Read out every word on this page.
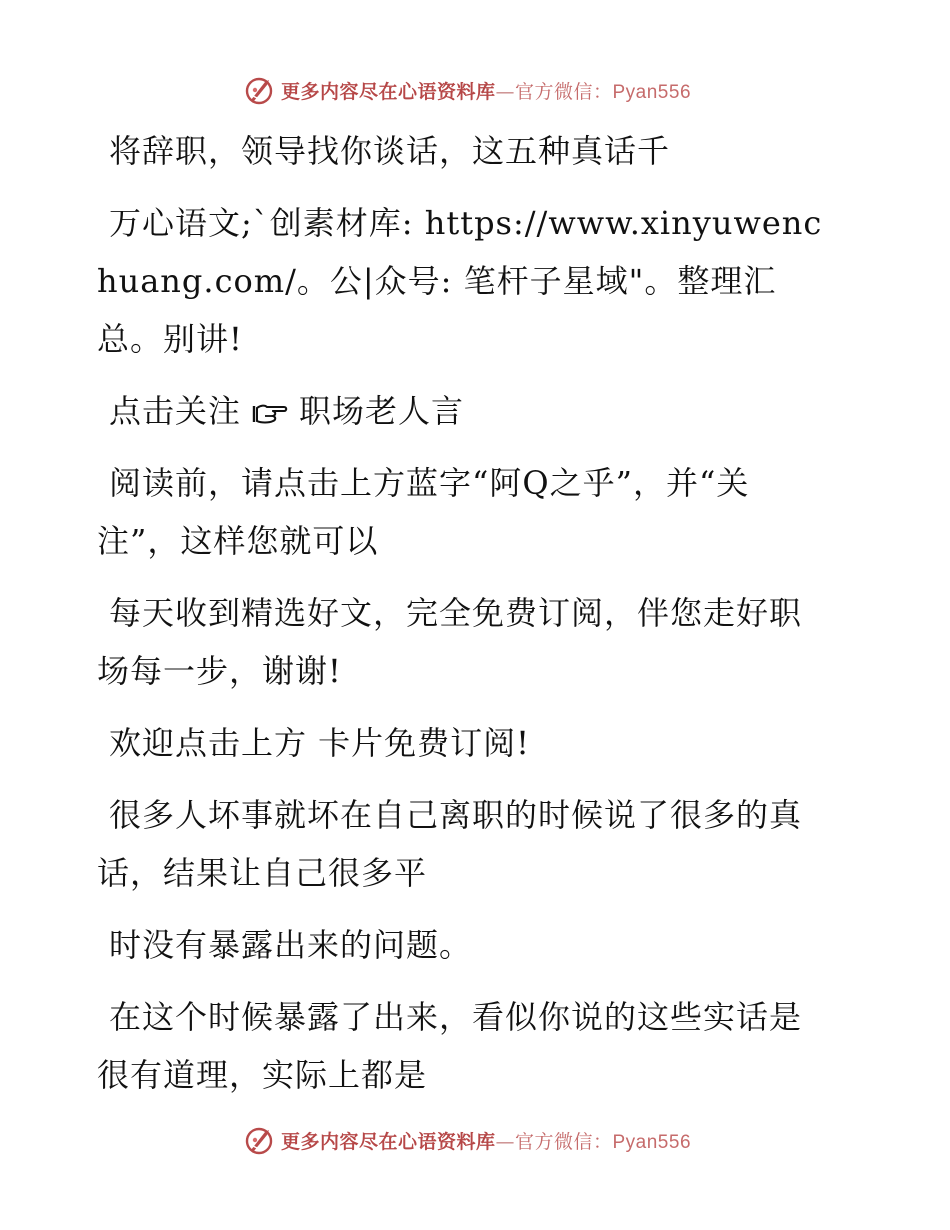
更多内容尽在心语资料库—官方微信：Pyan556

将辞职，领导找你谈话，这五种真话千

万心语文;`创素材库: https://www.xinyuwenchuang.com/。公|众号: 笔杆子星域"。整理汇总。别讲!

点击关注 职场老人言

阅读前，请点击上方蓝字“阿Q之乎”，并“关注”，这样您就可以

每天收到精选好文，完全免费订阅，伴您走好职场每一步，谢谢!

欢迎点击上方 卡片免费订阅!

很多人坏事就坏在自己离职的时候说了很多的真话，结果让自己很多平

时没有暴露出来的问题。

在这个时候暴露了出来，看似你说的这些实话是很有道理，实际上都是

更多内容尽在心语资料库—官方微信：Pyan556
